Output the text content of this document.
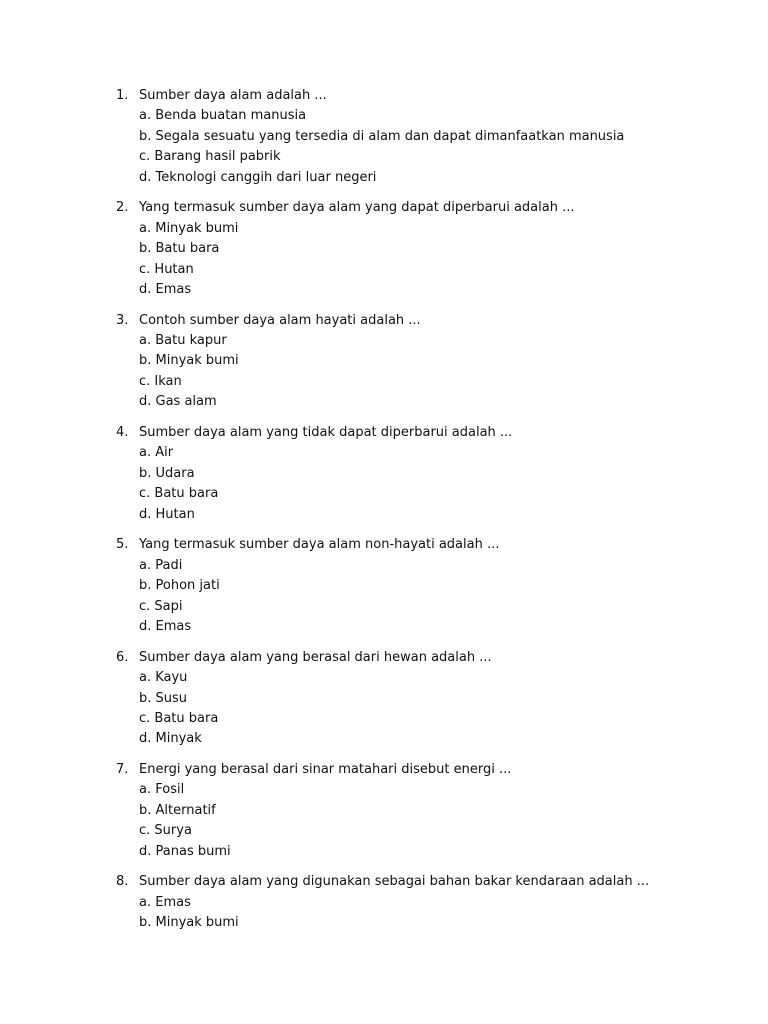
1. Sumber daya alam adalah ...
a. Benda buatan manusia
b. Segala sesuatu yang tersedia di alam dan dapat dimanfaatkan manusia
c. Barang hasil pabrik
d. Teknologi canggih dari luar negeri
2. Yang termasuk sumber daya alam yang dapat diperbarui adalah ...
a. Minyak bumi
b. Batu bara
c. Hutan
d. Emas
3. Contoh sumber daya alam hayati adalah ...
a. Batu kapur
b. Minyak bumi
c. Ikan
d. Gas alam
4. Sumber daya alam yang tidak dapat diperbarui adalah ...
a. Air
b. Udara
c. Batu bara
d. Hutan
5. Yang termasuk sumber daya alam non-hayati adalah ...
a. Padi
b. Pohon jati
c. Sapi
d. Emas
6. Sumber daya alam yang berasal dari hewan adalah ...
a. Kayu
b. Susu
c. Batu bara
d. Minyak
7. Energi yang berasal dari sinar matahari disebut energi ...
a. Fosil
b. Alternatif
c. Surya
d. Panas bumi
8. Sumber daya alam yang digunakan sebagai bahan bakar kendaraan adalah ...
a. Emas
b. Minyak bumi
